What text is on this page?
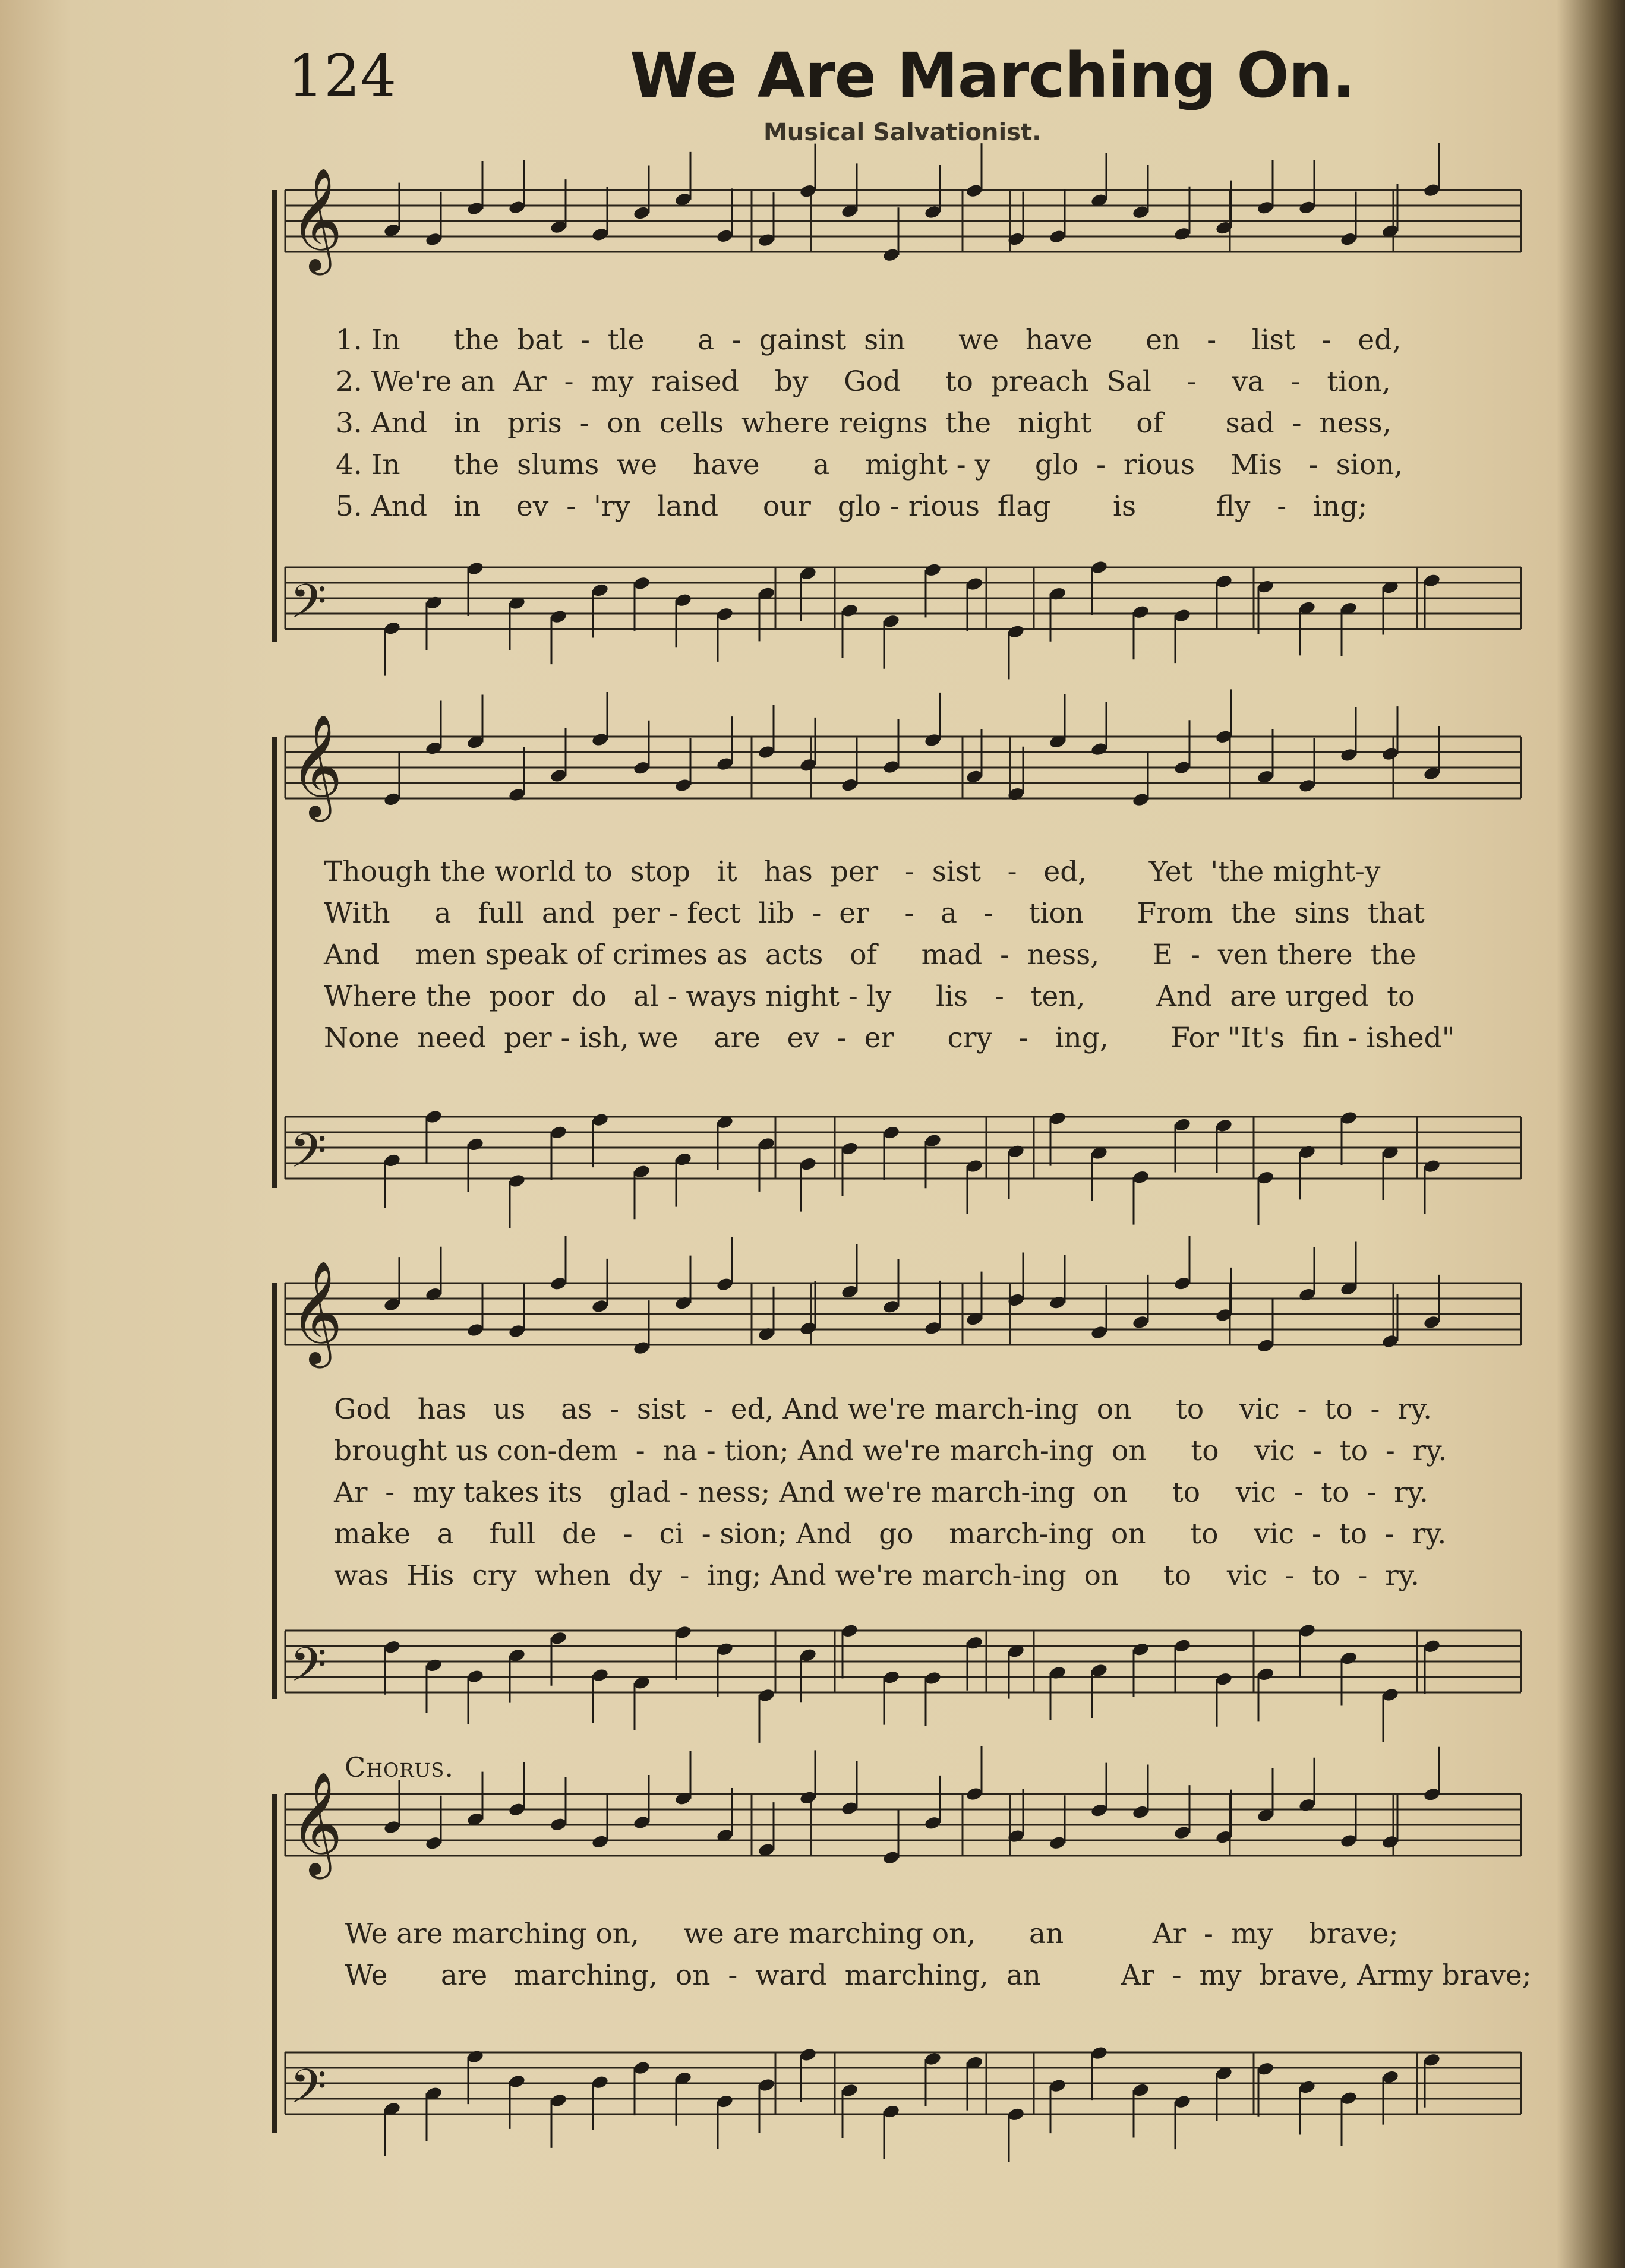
124	We Are Marching On.
Musical Salvationist.
𝄞
1. In      the  bat  -  tle      a  -  gainst  sin      we   have      en   -    list   -   ed,
2. We're an  Ar  -  my  raised    by    God     to  preach  Sal    -    va   -   tion,
3. And   in   pris  -  on  cells  where reigns  the   night     of       sad  -  ness,
4. In      the  slums  we    have      a    might - y     glo  -  rious    Mis   -  sion,
5. And   in    ev  -  'ry   land     our   glo - rious  flag       is         fly   -   ing;
𝄢
𝄞
Though the world to  stop   it   has  per   -  sist   -   ed,       Yet  'the might-y
With     a   full  and  per - fect  lib  -  er    -   a   -    tion      From  the  sins  that
And    men speak of crimes as  acts   of     mad  -  ness,      E  -  ven there  the
Where the  poor  do   al - ways night - ly     lis   -   ten,        And  are urged  to
None  need  per - ish, we    are   ev  -  er      cry   -   ing,       For "It's  fin - ished"
𝄢
𝄞
God   has   us    as  -  sist  -  ed, And we're march-ing  on     to    vic  -  to  -  ry.
brought us con-dem  -  na - tion; And we're march-ing  on     to    vic  -  to  -  ry.
Ar  -  my takes its   glad - ness; And we're march-ing  on     to    vic  -  to  -  ry.
make   a    full   de   -   ci  - sion; And   go    march-ing  on     to    vic  -  to  -  ry.
was  His  cry  when  dy  -  ing; And we're march-ing  on     to    vic  -  to  -  ry.
𝄢
Chorus.
𝄞
We are marching on,     we are marching on,      an          Ar  -  my    brave;
We      are   marching,  on  -  ward  marching,  an         Ar  -  my  brave, Army brave;
𝄢
